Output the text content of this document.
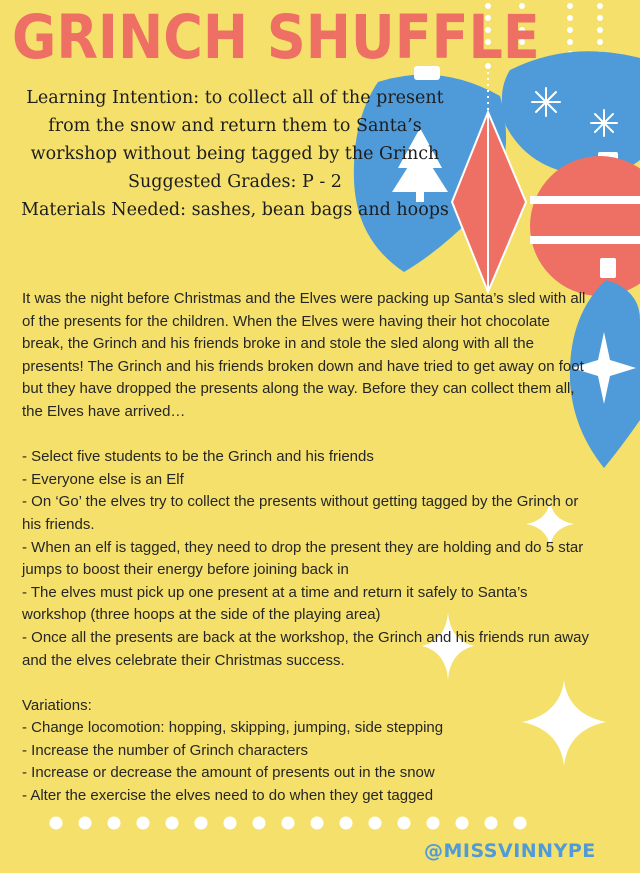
GRINCH SHUFFLE

Learning Intention: to collect all of the present from the snow and return them to Santa’s workshop without being tagged by the Grinch

Suggested Grades: P - 2

Materials Needed: sashes, bean bags and hoops

It was the night before Christmas and the Elves were packing up Santa’s sled with all of the presents for the children. When the Elves were having their hot chocolate break, the Grinch and his friends broke in and stole the sled along with all the presents! The Grinch and his friends broken down and have tried to get away on foot but they have dropped the presents along the way. Before they can collect them all, the Elves have arrived…

- Select five students to be the Grinch and his friends

- Everyone else is an Elf

- On ‘Go’ the elves try to collect the presents without getting tagged by the Grinch or his friends.

- When an elf is tagged, they need to drop the present they are holding and do 5 star jumps to boost their energy before joining back in

- The elves must pick up one present at a time and return it safely to Santa’s workshop (three hoops at the side of the playing area)

- Once all the presents are back at the workshop, the Grinch and his friends run away and the elves celebrate their Christmas success.

Variations:

- Change locomotion: hopping, skipping, jumping, side stepping

- Increase the number of Grinch characters

- Increase or decrease the amount of presents out in the snow

- Alter the exercise the elves need to do when they get tagged

@MISSVINNYPE
